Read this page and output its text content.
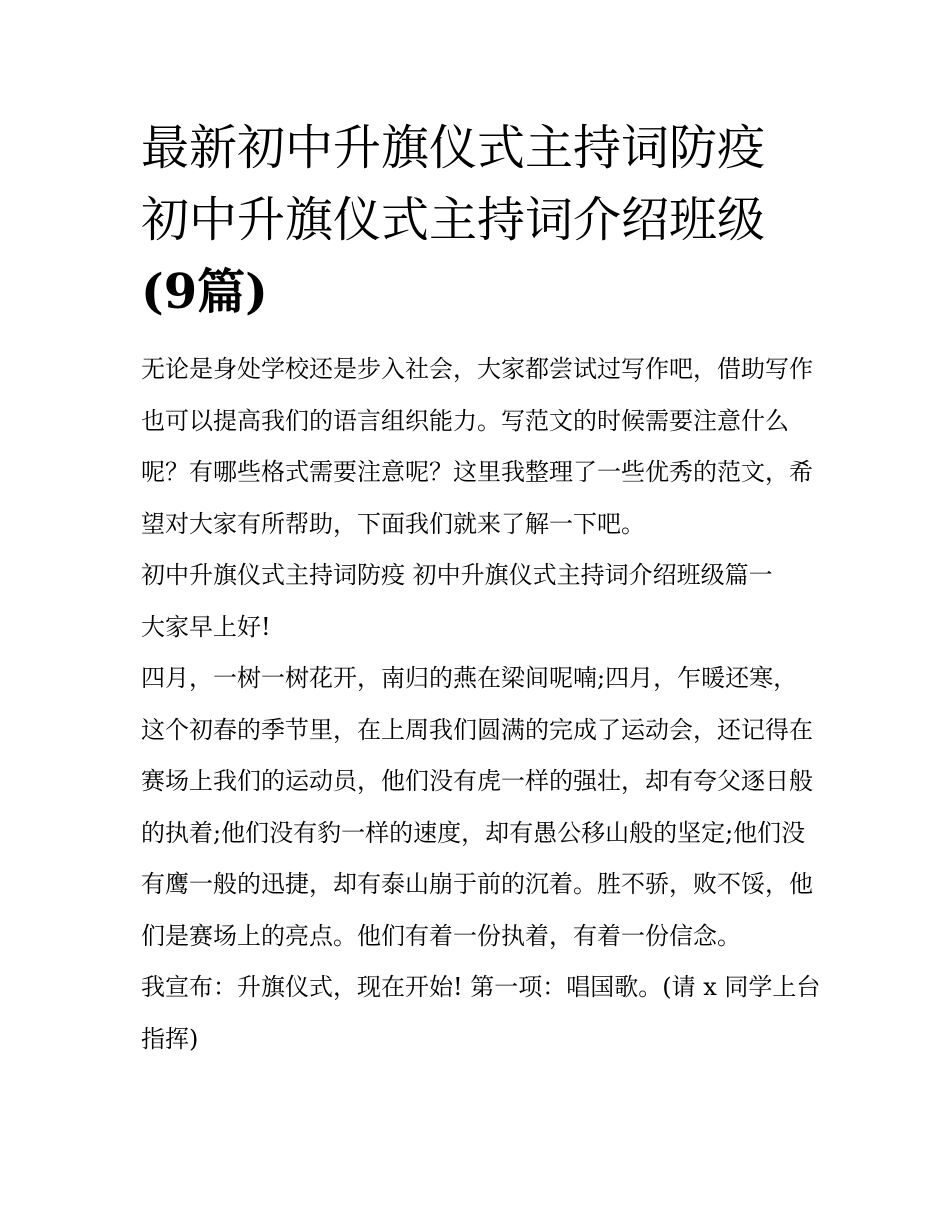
最新初中升旗仪式主持词防疫
初中升旗仪式主持词介绍班级
(9篇)

无论是身处学校还是步入社会，大家都尝试过写作吧，借助写作也可以提高我们的语言组织能力。写范文的时候需要注意什么呢？有哪些格式需要注意呢？这里我整理了一些优秀的范文，希望对大家有所帮助，下面我们就来了解一下吧。

初中升旗仪式主持词防疫 初中升旗仪式主持词介绍班级篇一

大家早上好!

四月，一树一树花开，南归的燕在梁间呢喃;四月，乍暖还寒，这个初春的季节里，在上周我们圆满的完成了运动会，还记得在赛场上我们的运动员，他们没有虎一样的强壮，却有夸父逐日般的执着;他们没有豹一样的速度，却有愚公移山般的坚定;他们没有鹰一般的迅捷，却有泰山崩于前的沉着。胜不骄，败不馁，他们是赛场上的亮点。他们有着一份执着，有着一份信念。

我宣布：升旗仪式，现在开始! 第一项：唱国歌。(请 x 同学上台指挥)
